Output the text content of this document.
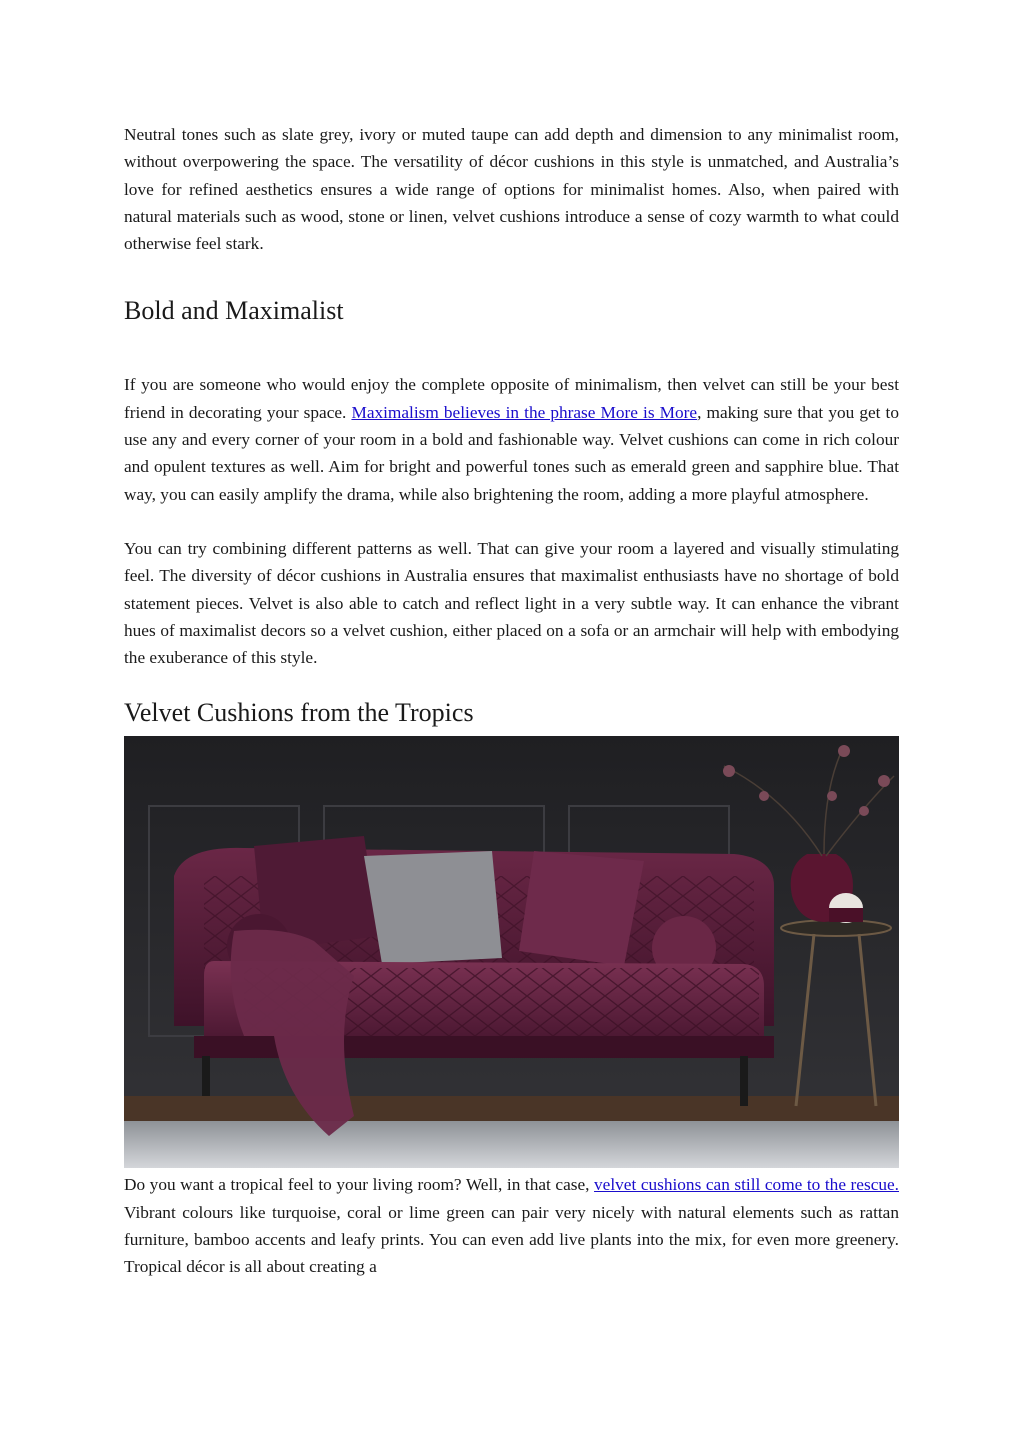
Neutral tones such as slate grey, ivory or muted taupe can add depth and dimension to any minimalist room, without overpowering the space. The versatility of décor cushions in this style is unmatched, and Australia’s love for refined aesthetics ensures a wide range of options for minimalist homes. Also, when paired with natural materials such as wood, stone or linen, velvet cushions introduce a sense of cozy warmth to what could otherwise feel stark.

Bold and Maximalist

If you are someone who would enjoy the complete opposite of minimalism, then velvet can still be your best friend in decorating your space. Maximalism believes in the phrase More is More, making sure that you get to use any and every corner of your room in a bold and fashionable way. Velvet cushions can come in rich colour and opulent textures as well. Aim for bright and powerful tones such as emerald green and sapphire blue. That way, you can easily amplify the drama, while also brightening the room, adding a more playful atmosphere.

You can try combining different patterns as well. That can give your room a layered and visually stimulating feel. The diversity of décor cushions in Australia ensures that maximalist enthusiasts have no shortage of bold statement pieces. Velvet is also able to catch and reflect light in a very subtle way. It can enhance the vibrant hues of maximalist decors so a velvet cushion, either placed on a sofa or an armchair will help with embodying the exuberance of this style.

Velvet Cushions from the Tropics

Do you want a tropical feel to your living room? Well, in that case, velvet cushions can still come to the rescue. Vibrant colours like turquoise, coral or lime green can pair very nicely with natural elements such as rattan furniture, bamboo accents and leafy prints. You can even add live plants into the mix, for even more greenery. Tropical décor is all about creating a
